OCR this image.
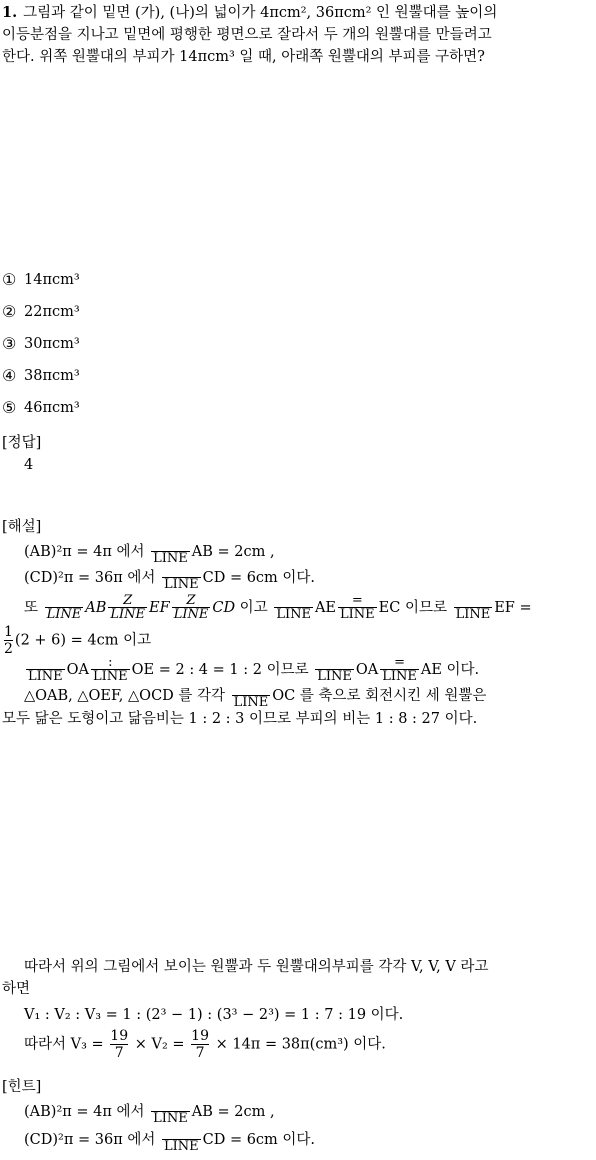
1. 그림과 같이 밑면 (가), (나)의 넓이가 4πcm², 36πcm² 인 원뿔대를 높이의
이등분점을 지나고 밑면에 평행한 평면으로 잘라서 두 개의 원뿔대를 만들려고
한다. 위쪽 원뿔대의 부피가 14πcm³ 일 때, 아래쪽 원뿔대의 부피를 구하면?
① 14πcm³
② 22πcm³
③ 30πcm³
④ 38πcm³
⑤ 46πcm³
[정답]
4
[해설]
(AB)²π = 4π 에서
LINE AB = 2cm ,
(CD)²π = 36π 에서
LINE CD = 6cm 이다.
또
LINE AB $\frac{Z}{\text{LINE}}$ EF $\frac{Z}{\text{LINE}}$ CD 이고
LINE AE $\frac{=}{\text{LINE}}$ EC 이므로
LINE EF =
$\frac{1}{2} (2 + 6) = 4cm$ 이고

LINE OA $\frac{:}{\text{LINE}}$ OE = 2 : 4 = 1 : 2 이므로
LINE OA $\frac{=}{\text{LINE}}$ AE 이다.
△OAB, △OEF, △OCD 를 각각
LINE OC 를 축으로 회전시킨 세 원뿔은
모두 닮은 도형이고 닮음비는 1 : 2 : 3 이므로 부피의 비는 1 : 8 : 27 이다.
따라서 위의 그림에서 보이는 원뿔과 두 원뿔대의부피를 각각 V, V, V 라고
하면
V₁ : V₂ : V₃ = 1 : (2³ − 1) : (3³ − 2³) = 1 : 7 : 19 이다.
따라서 $V_3 = \frac{19}{7} \times V_2 = \frac{19}{7} \times 14\pi = 38\pi(cm^3)$ 이다.
[힌트]
(AB)²π = 4π 에서
LINE AB = 2cm ,
(CD)²π = 36π 에서
LINE CD = 6cm 이다.
